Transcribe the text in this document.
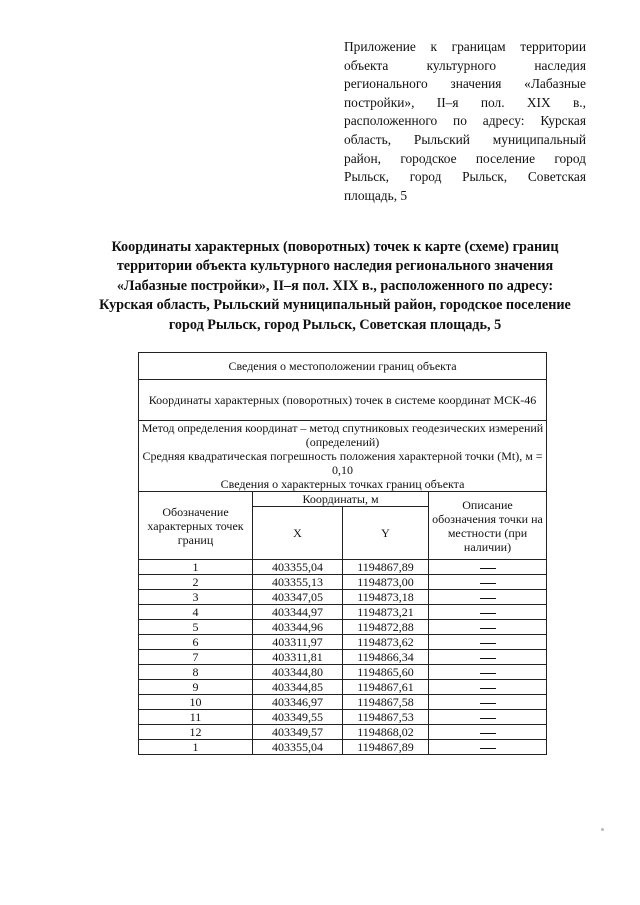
Приложение к границам территории объекта культурного наследия регионального значения «Лабазные постройки», II–я пол. XIX в., расположенного по адресу: Курская область, Рыльский муниципальный район, городское поселение город Рыльск, город Рыльск, Советская площадь, 5
Координаты характерных (поворотных) точек к карте (схеме) границ территории объекта культурного наследия регионального значения «Лабазные постройки», II–я пол. XIX в., расположенного по адресу: Курская область, Рыльский муниципальный район, городское поселение город Рыльск, город Рыльск, Советская площадь, 5
Сведения о местоположении границ объекта			
Координаты характерных (поворотных) точек в системе координат МСК-46			

Метод определения координат – метод спутниковых геодезических измерений (определений)
Средняя квадратическая погрешность положения характерной точки (Mt), м = 0,10
Сведения о характерных точках границ объекта			

Обозначение характерных точек границ	Координаты, м		Описание обозначения точки на местности (при наличии)
	X	Y	
1	403355,04	1194867,89	
2	403355,13	1194873,00	
3	403347,05	1194873,18	
4	403344,97	1194873,21	
5	403344,96	1194872,88	
6	403311,97	1194873,62	
7	403311,81	1194866,34	
8	403344,80	1194865,60	
9	403344,85	1194867,61	
10	403346,97	1194867,58	
11	403349,55	1194867,53	
12	403349,57	1194868,02	
1	403355,04	1194867,89	
